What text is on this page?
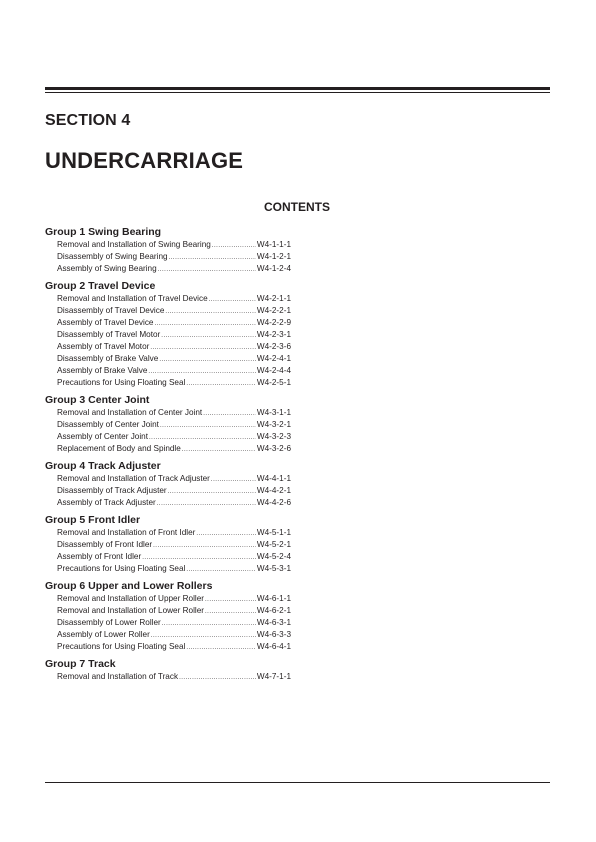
SECTION 4
UNDERCARRIAGE
CONTENTS
Group 1 Swing Bearing
Removal and Installation of Swing Bearing .....	W4-1-1-1
Disassembly of Swing Bearing .....	W4-1-2-1
Assembly of Swing Bearing .....	W4-1-2-4
Group 2 Travel Device
Removal and Installation of Travel Device .....	W4-2-1-1
Disassembly of Travel Device .....	W4-2-2-1
Assembly of Travel Device .....	W4-2-2-9
Disassembly of Travel Motor .....	W4-2-3-1
Assembly of Travel Motor .....	W4-2-3-6
Disassembly of Brake Valve .....	W4-2-4-1
Assembly of Brake Valve .....	W4-2-4-4
Precautions for Using Floating Seal .....	W4-2-5-1
Group 3 Center Joint
Removal and Installation of Center Joint .....	W4-3-1-1
Disassembly of Center Joint .....	W4-3-2-1
Assembly of Center Joint .....	W4-3-2-3
Replacement of Body and Spindle .....	W4-3-2-6
Group 4 Track Adjuster
Removal and Installation of Track Adjuster .....	W4-4-1-1
Disassembly of Track Adjuster .....	W4-4-2-1
Assembly of Track Adjuster .....	W4-4-2-6
Group 5 Front Idler
Removal and Installation of Front Idler .....	W4-5-1-1
Disassembly of Front Idler .....	W4-5-2-1
Assembly of Front Idler .....	W4-5-2-4
Precautions for Using Floating Seal .....	W4-5-3-1
Group 6 Upper and Lower Rollers
Removal and Installation of Upper Roller .....	W4-6-1-1
Removal and Installation of Lower Roller .....	W4-6-2-1
Disassembly of Lower Roller .....	W4-6-3-1
Assembly of Lower Roller .....	W4-6-3-3
Precautions for Using Floating Seal .....	W4-6-4-1
Group 7 Track
Removal and Installation of Track .....	W4-7-1-1
